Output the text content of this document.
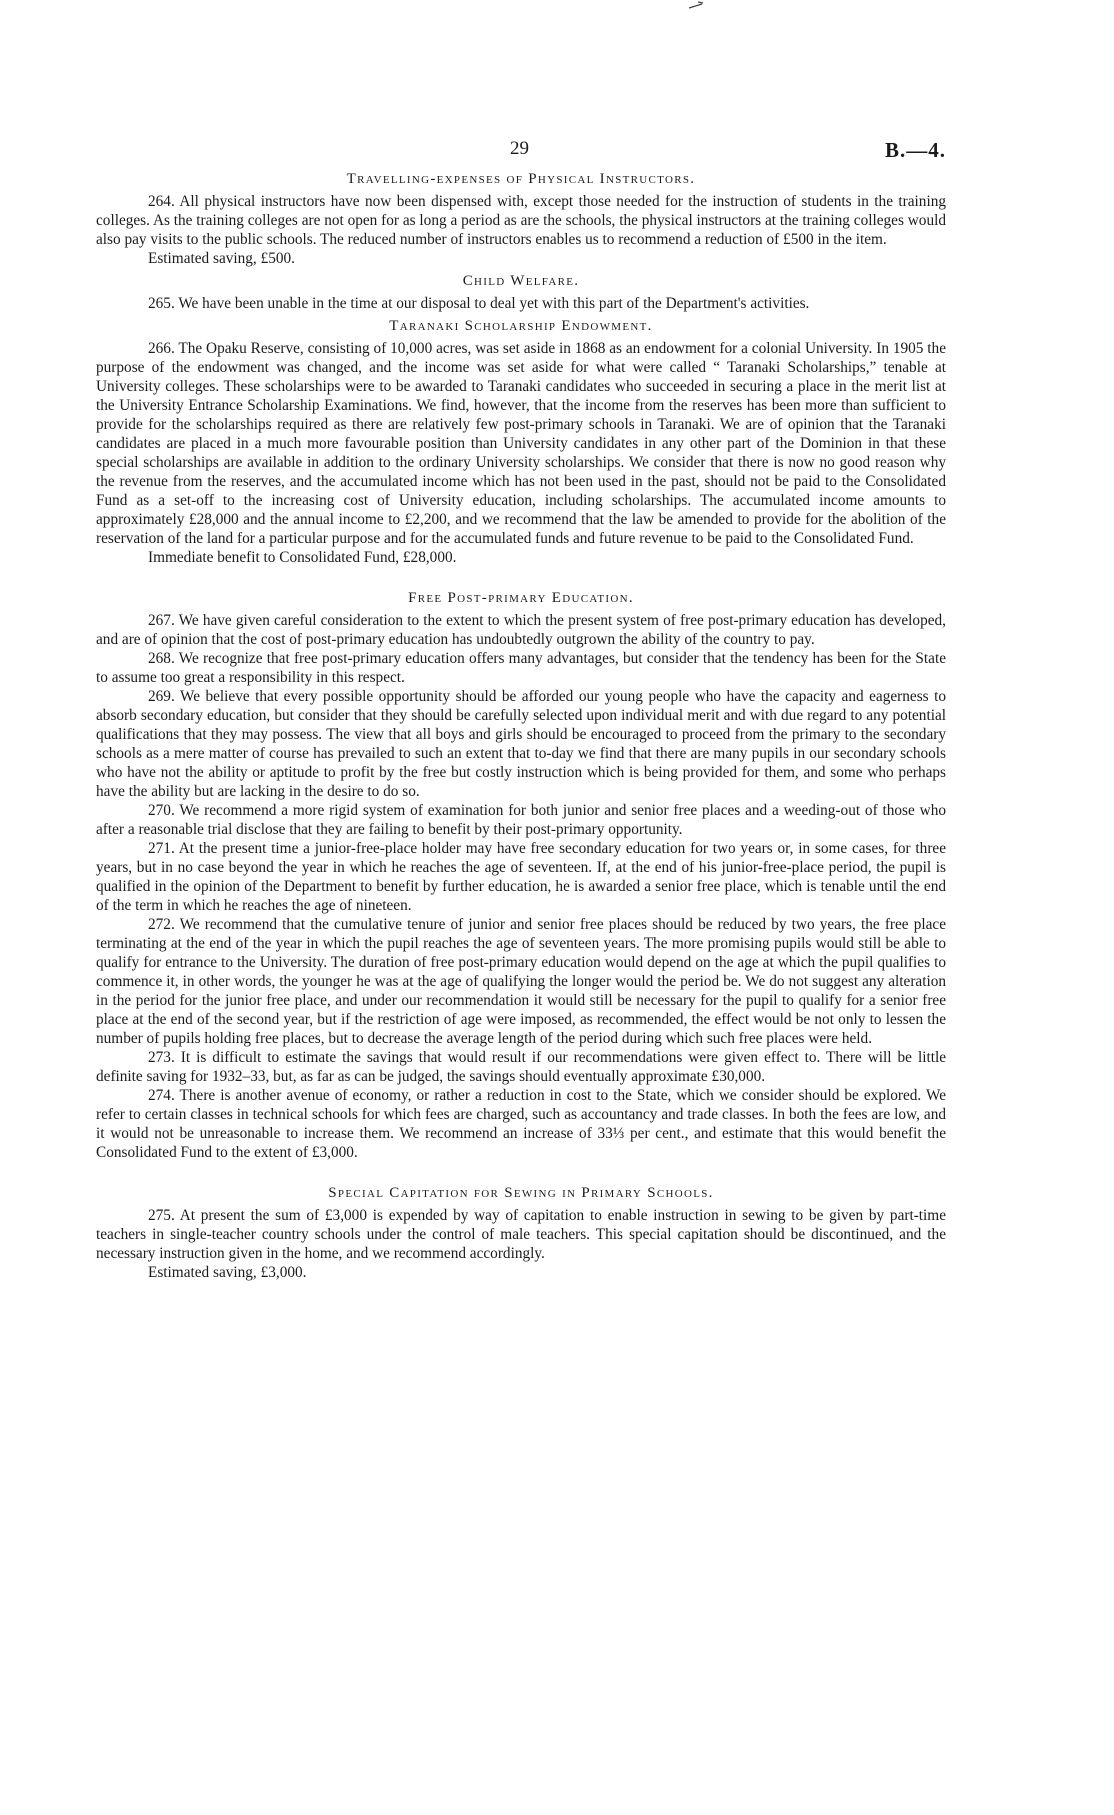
29	B.—4.
Travelling-expenses of Physical Instructors.

264. All physical instructors have now been dispensed with, except those needed for the instruction of students in the training colleges. As the training colleges are not open for as long a period as are the schools, the physical instructors at the training colleges would also pay visits to the public schools. The reduced number of instructors enables us to recommend a reduction of £500 in the item.

Estimated saving, £500.

Child Welfare.

265. We have been unable in the time at our disposal to deal yet with this part of the Department's activities.

Taranaki Scholarship Endowment.

266. The Opaku Reserve, consisting of 10,000 acres, was set aside in 1868 as an endowment for a colonial University. In 1905 the purpose of the endowment was changed, and the income was set aside for what were called “ Taranaki Scholarships,” tenable at University colleges. These scholarships were to be awarded to Taranaki candidates who succeeded in securing a place in the merit list at the University Entrance Scholarship Examinations. We find, however, that the income from the reserves has been more than sufficient to provide for the scholarships required as there are relatively few post-primary schools in Taranaki. We are of opinion that the Taranaki candidates are placed in a much more favourable position than University candidates in any other part of the Dominion in that these special scholarships are available in addition to the ordinary University scholarships. We consider that there is now no good reason why the revenue from the reserves, and the accumulated income which has not been used in the past, should not be paid to the Consolidated Fund as a set-off to the increasing cost of University education, including scholarships. The accumulated income amounts to approximately £28,000 and the annual income to £2,200, and we recommend that the law be amended to provide for the abolition of the reservation of the land for a particular purpose and for the accumulated funds and future revenue to be paid to the Consolidated Fund.

Immediate benefit to Consolidated Fund, £28,000.

Free Post-primary Education.

267. We have given careful consideration to the extent to which the present system of free post-primary education has developed, and are of opinion that the cost of post-primary education has undoubtedly outgrown the ability of the country to pay.

268. We recognize that free post-primary education offers many advantages, but consider that the tendency has been for the State to assume too great a responsibility in this respect.

269. We believe that every possible opportunity should be afforded our young people who have the capacity and eagerness to absorb secondary education, but consider that they should be carefully selected upon individual merit and with due regard to any potential qualifications that they may possess. The view that all boys and girls should be encouraged to proceed from the primary to the secondary schools as a mere matter of course has prevailed to such an extent that to-day we find that there are many pupils in our secondary schools who have not the ability or aptitude to profit by the free but costly instruction which is being provided for them, and some who perhaps have the ability but are lacking in the desire to do so.

270. We recommend a more rigid system of examination for both junior and senior free places and a weeding-out of those who after a reasonable trial disclose that they are failing to benefit by their post-primary opportunity.

271. At the present time a junior-free-place holder may have free secondary education for two years or, in some cases, for three years, but in no case beyond the year in which he reaches the age of seventeen. If, at the end of his junior-free-place period, the pupil is qualified in the opinion of the Department to benefit by further education, he is awarded a senior free place, which is tenable until the end of the term in which he reaches the age of nineteen.

272. We recommend that the cumulative tenure of junior and senior free places should be reduced by two years, the free place terminating at the end of the year in which the pupil reaches the age of seventeen years. The more promising pupils would still be able to qualify for entrance to the University. The duration of free post-primary education would depend on the age at which the pupil qualifies to commence it, in other words, the younger he was at the age of qualifying the longer would the period be. We do not suggest any alteration in the period for the junior free place, and under our recommendation it would still be necessary for the pupil to qualify for a senior free place at the end of the second year, but if the restriction of age were imposed, as recommended, the effect would be not only to lessen the number of pupils holding free places, but to decrease the average length of the period during which such free places were held.

273. It is difficult to estimate the savings that would result if our recommendations were given effect to. There will be little definite saving for 1932–33, but, as far as can be judged, the savings should eventually approximate £30,000.

274. There is another avenue of economy, or rather a reduction in cost to the State, which we consider should be explored. We refer to certain classes in technical schools for which fees are charged, such as accountancy and trade classes. In both the fees are low, and it would not be unreasonable to increase them. We recommend an increase of 33⅓ per cent., and estimate that this would benefit the Consolidated Fund to the extent of £3,000.

Special Capitation for Sewing in Primary Schools.

275. At present the sum of £3,000 is expended by way of capitation to enable instruction in sewing to be given by part-time teachers in single-teacher country schools under the control of male teachers. This special capitation should be discontinued, and the necessary instruction given in the home, and we recommend accordingly.

Estimated saving, £3,000.
